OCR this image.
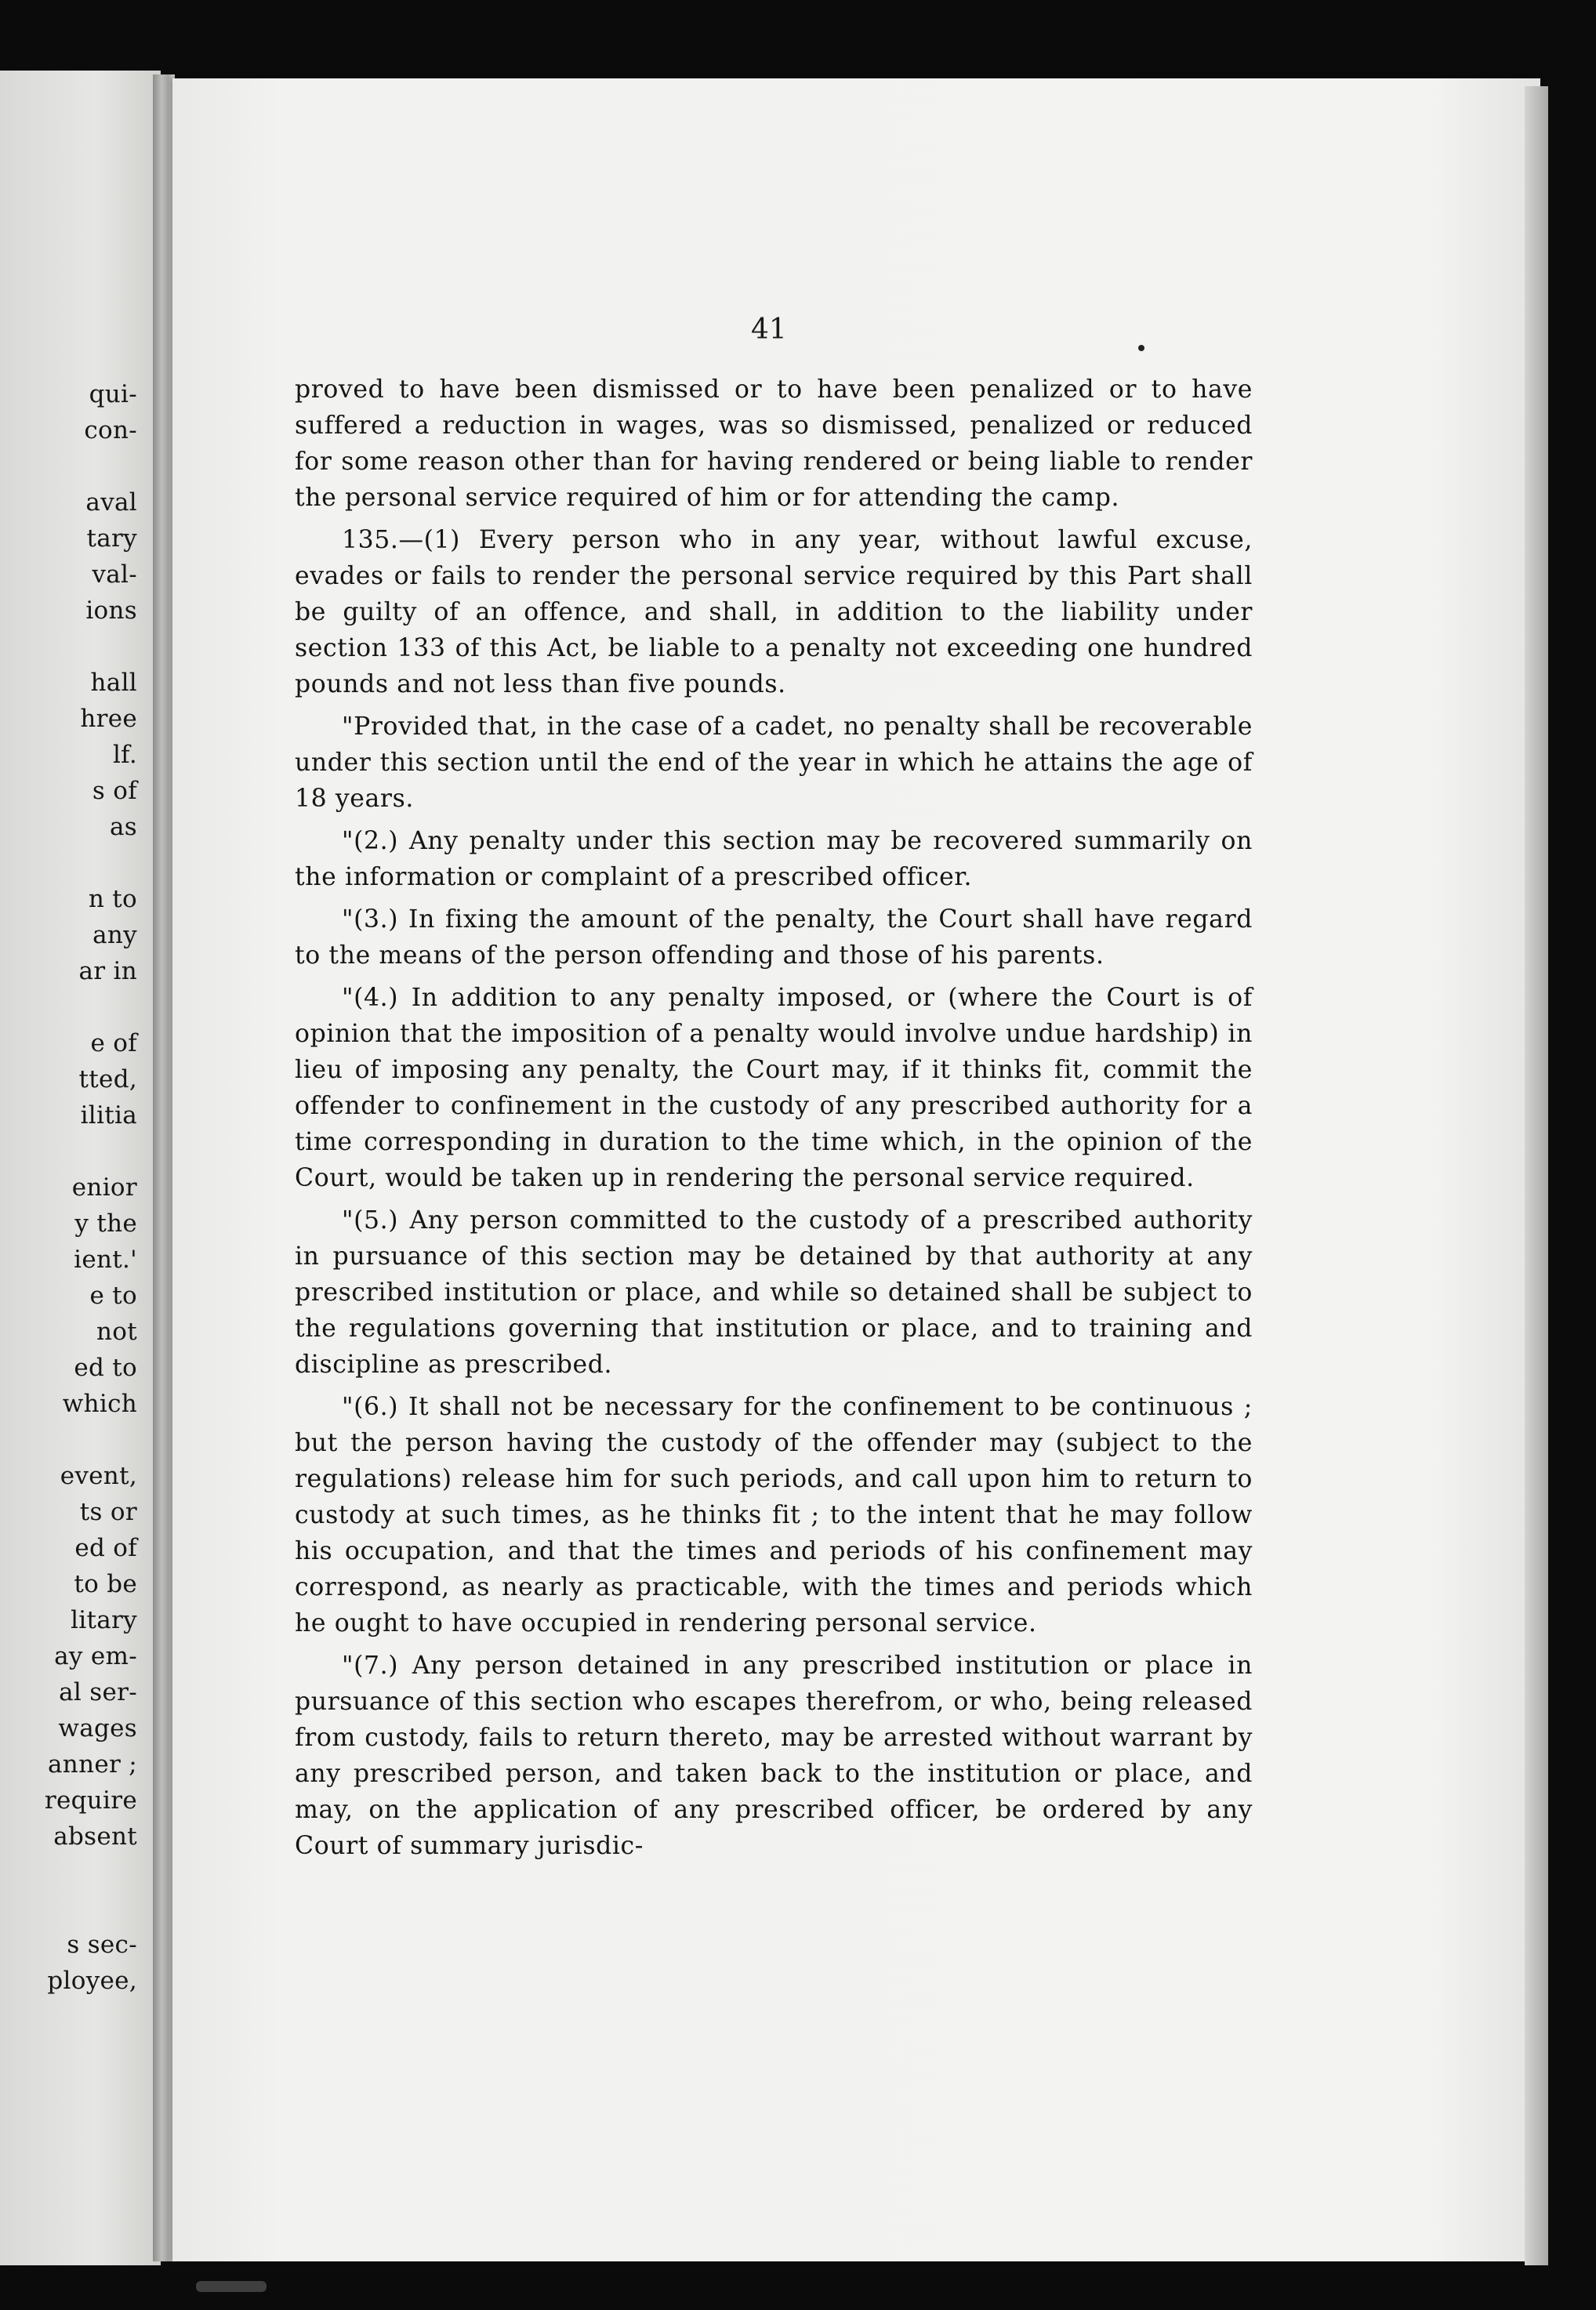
qui-
con-
aval
tary
val-
ions
hall
hree
lf.
s of
as
n to
any
ar in
e of
tted,
ilitia
enior
y the
ient.'
e to
not
ed to
which
event,
ts or
ed of
to be
litary
ay em-
al ser-
wages
anner ;
require
absent
s sec-
ployee,
41

proved to have been dismissed or to have been penalized or to have suffered a reduction in wages, was so dismissed, penalized or reduced for some reason other than for having rendered or being liable to render the personal service required of him or for attending the camp.

135.—(1) Every person who in any year, without lawful excuse, evades or fails to render the personal service required by this Part shall be guilty of an offence, and shall, in addition to the liability under section 133 of this Act, be liable to a penalty not exceeding one hundred pounds and not less than five pounds.

"Provided that, in the case of a cadet, no penalty shall be recoverable under this section until the end of the year in which he attains the age of 18 years.

"(2.) Any penalty under this section may be recovered summarily on the information or complaint of a prescribed officer.

"(3.) In fixing the amount of the penalty, the Court shall have regard to the means of the person offending and those of his parents.

"(4.) In addition to any penalty imposed, or (where the Court is of opinion that the imposition of a penalty would involve undue hardship) in lieu of imposing any penalty, the Court may, if it thinks fit, commit the offender to confinement in the custody of any prescribed authority for a time corresponding in duration to the time which, in the opinion of the Court, would be taken up in rendering the personal service required.

"(5.) Any person committed to the custody of a prescribed authority in pursuance of this section may be detained by that authority at any prescribed institution or place, and while so detained shall be subject to the regulations governing that institution or place, and to training and discipline as prescribed.

"(6.) It shall not be necessary for the confinement to be continuous ; but the person having the custody of the offender may (subject to the regulations) release him for such periods, and call upon him to return to custody at such times, as he thinks fit ; to the intent that he may follow his occupation, and that the times and periods of his confinement may correspond, as nearly as practicable, with the times and periods which he ought to have occupied in rendering personal service.

"(7.) Any person detained in any prescribed institution or place in pursuance of this section who escapes therefrom, or who, being released from custody, fails to return thereto, may be arrested without warrant by any prescribed person, and taken back to the institution or place, and may, on the application of any prescribed officer, be ordered by any Court of summary jurisdic-
